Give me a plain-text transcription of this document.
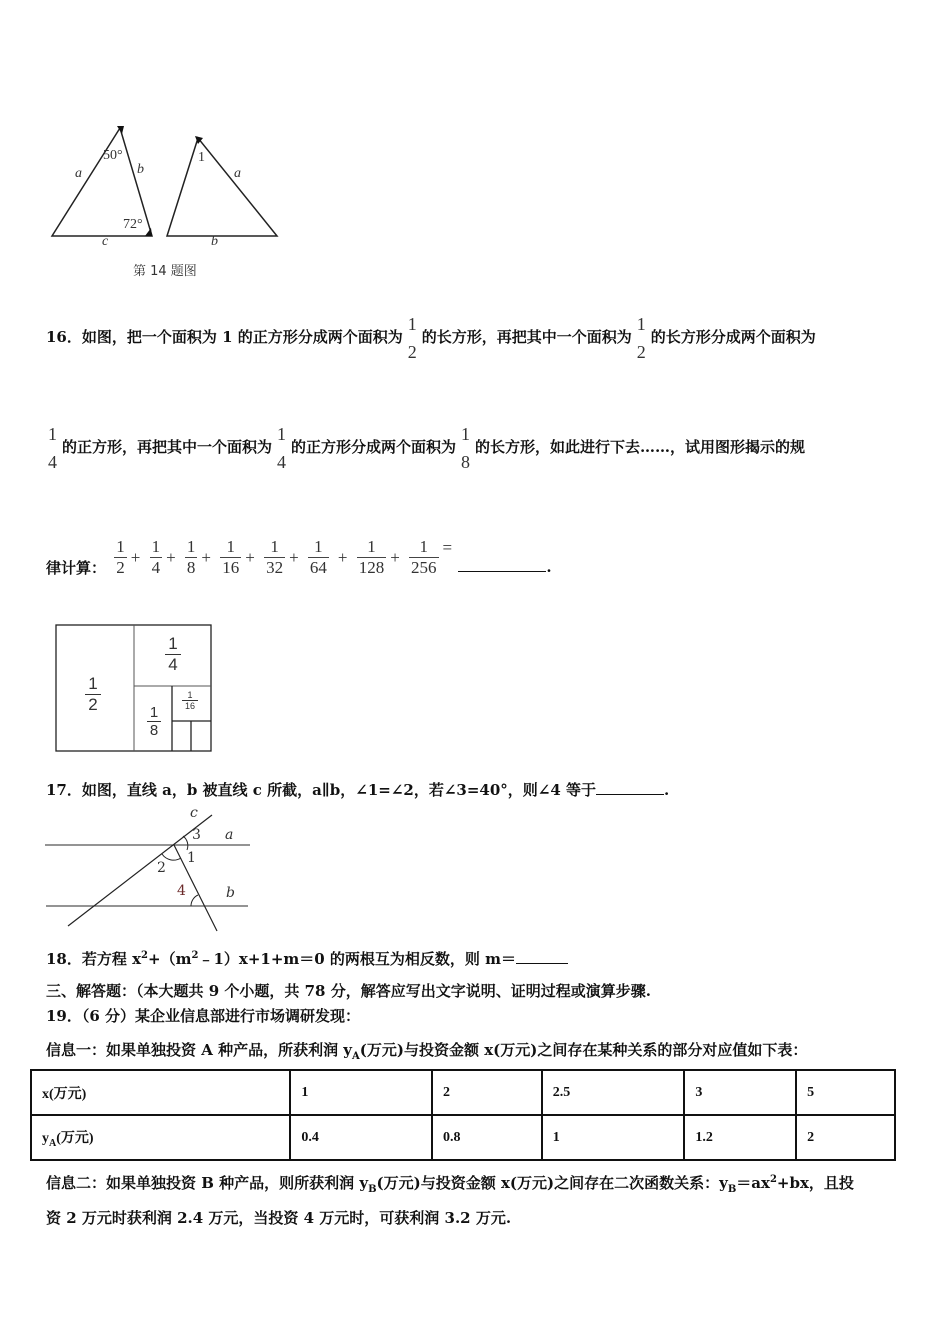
50°
72°
a	b
c
1
a
b
第 14 题图
16．如图，把一个面积为 1 的正方形分成两个面积为
1
2
的长方形，再把其中一个面积为
1
2
的长方形分成两个面积为
1
4
的正方形，再把其中一个面积为
1
4
的正方形分成两个面积为
1
8
的长方形，如此进行下去……，试用图形揭示的规
律计算： $\frac{1}{2} + \frac{1}{4} + \frac{1}{8} + \frac{1}{16} + \frac{1}{32} + \frac{1}{64} + \frac{1}{128} + \frac{1}{256}$ = .
1
2
1
4
1
8
1
16
17．如图，直线 a，b 被直线 c 所截，a∥b，∠1=∠2，若∠3=40°，则∠4 等于	.
c
a
b
3
1
2
4
18．若方程 $x^2+(m^2﹣1)x+1+m=0$ 的两根互为相反数，则 m＝
三、解答题：（本大题共 9 个小题，共 78 分，解答应写出文字说明、证明过程或演算步骤.
19．（6 分）某企业信息部进行市场调研发现：
信息一：如果单独投资 A 种产品，所获利润 $y_A$(万元)与投资金额 x(万元)之间存在某种关系的部分对应值如下表：
x(万元)	1	2	2.5	3	5
$y_A$(万元)	0.4	0.8	1	1.2	2
信息二：如果单独投资 B 种产品，则所获利润 $y_B$(万元)与投资金额 x(万元)之间存在二次函数关系：$y_B=ax^2+bx$，且投
资 2 万元时获利润 2.4 万元，当投资 4 万元时，可获利润 3.2 万元.
